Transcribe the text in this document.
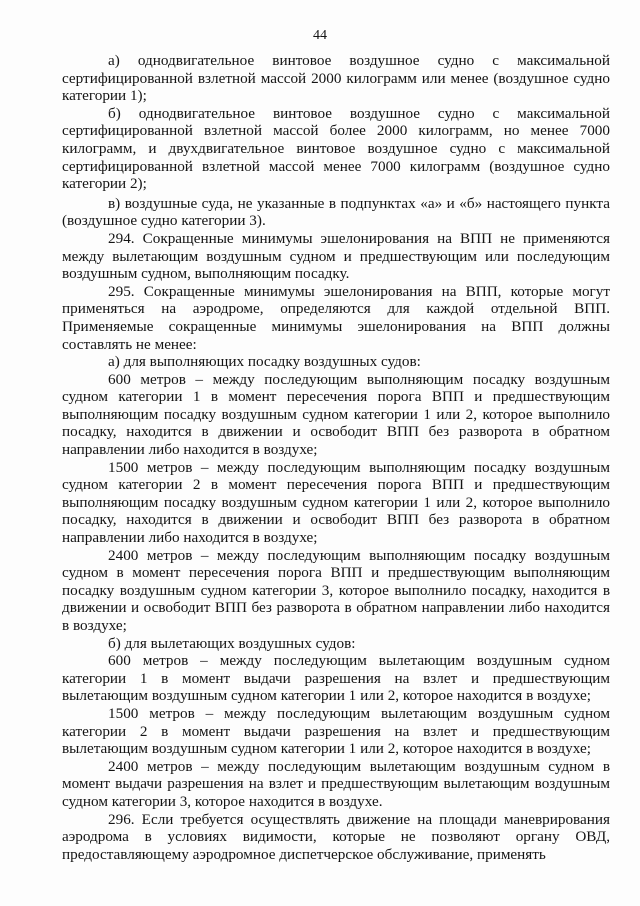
44

а) однодвигательное винтовое воздушное судно с максимальной сертифицированной взлетной массой 2000 килограмм или менее (воздушное судно категории 1);

б) однодвигательное винтовое воздушное судно с максимальной сертифицированной взлетной массой более 2000 килограмм, но менее 7000 килограмм, и двухдвигательное винтовое воздушное судно с максимальной сертифицированной взлетной массой менее 7000 килограмм (воздушное судно категории 2);

в) воздушные суда, не указанные в подпунктах «а» и «б» настоящего пункта (воздушное судно категории 3).

294. Сокращенные минимумы эшелонирования на ВПП не применяются между вылетающим воздушным судном и предшествующим или последующим воздушным судном, выполняющим посадку.

295. Сокращенные минимумы эшелонирования на ВПП, которые могут применяться на аэродроме, определяются для каждой отдельной ВПП. Применяемые сокращенные минимумы эшелонирования на ВПП должны составлять не менее:

а) для выполняющих посадку воздушных судов:

600 метров – между последующим выполняющим посадку воздушным судном категории 1 в момент пересечения порога ВПП и предшествующим выполняющим посадку воздушным судном категории 1 или 2, которое выполнило посадку, находится в движении и освободит ВПП без разворота в обратном направлении либо находится в воздухе;

1500 метров – между последующим выполняющим посадку воздушным судном категории 2 в момент пересечения порога ВПП и предшествующим выполняющим посадку воздушным судном категории 1 или 2, которое выполнило посадку, находится в движении и освободит ВПП без разворота в обратном направлении либо находится в воздухе;

2400 метров – между последующим выполняющим посадку воздушным судном в момент пересечения порога ВПП и предшествующим выполняющим посадку воздушным судном категории 3, которое выполнило посадку, находится в движении и освободит ВПП без разворота в обратном направлении либо находится в воздухе;

б) для вылетающих воздушных судов:

600 метров – между последующим вылетающим воздушным судном категории 1 в момент выдачи разрешения на взлет и предшествующим вылетающим воздушным судном категории 1 или 2, которое находится в воздухе;

1500 метров – между последующим вылетающим воздушным судном категории 2 в момент выдачи разрешения на взлет и предшествующим вылетающим воздушным судном категории 1 или 2, которое находится в воздухе;

2400 метров – между последующим вылетающим воздушным судном в момент выдачи разрешения на взлет и предшествующим вылетающим воздушным судном категории 3, которое находится в воздухе.

296. Если требуется осуществлять движение на площади маневрирования аэродрома в условиях видимости, которые не позволяют органу ОВД, предоставляющему аэродромное диспетчерское обслуживание, применять
